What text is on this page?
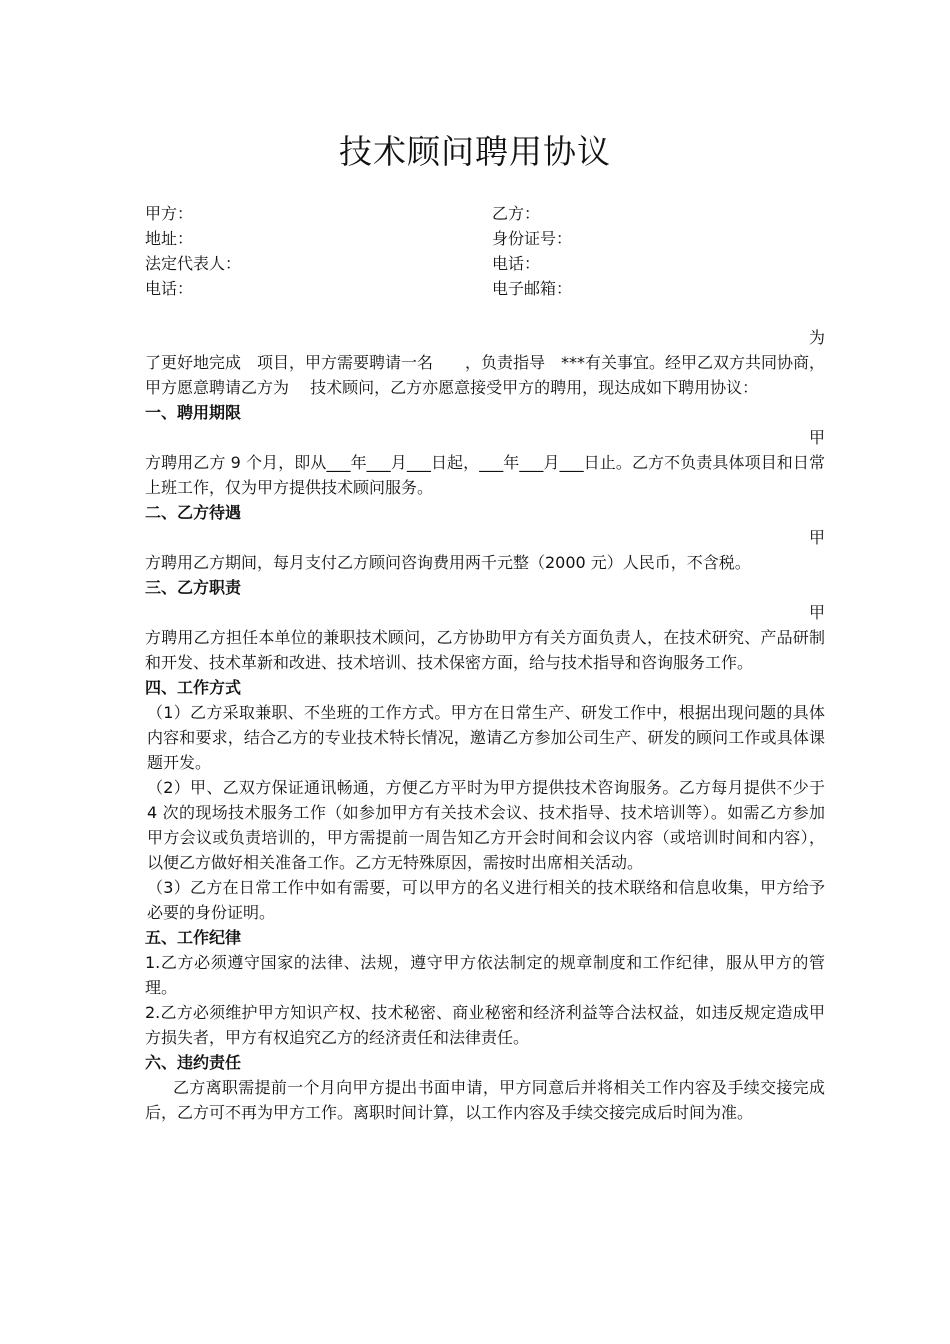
技术顾问聘用协议
甲方：	乙方：
地址：	身份证号：
法定代表人：	电话：
电话：	电子邮箱：
为

了更好地完成　项目，甲方需要聘请一名　　，负责指导　***有关事宜。经甲乙双方共同协商，甲方愿意聘请乙方为　 技术顾问，乙方亦愿意接受甲方的聘用，现达成如下聘用协议：

一、聘用期限

甲

方聘用乙方 9 个月，即从___年___月___日起，___年___月___日止。乙方不负责具体项目和日常上班工作，仅为甲方提供技术顾问服务。

二、乙方待遇

甲

方聘用乙方期间，每月支付乙方顾问咨询费用两千元整（2000 元）人民币，不含税。

三、乙方职责

甲

方聘用乙方担任本单位的兼职技术顾问，乙方协助甲方有关方面负责人，在技术研究、产品研制和开发、技术革新和改进、技术培训、技术保密方面，给与技术指导和咨询服务工作。

四、工作方式

（1）乙方采取兼职、不坐班的工作方式。甲方在日常生产、研发工作中，根据出现问题的具体内容和要求，结合乙方的专业技术特长情况，邀请乙方参加公司生产、研发的顾问工作或具体课题开发。

（2）甲、乙双方保证通讯畅通，方便乙方平时为甲方提供技术咨询服务。乙方每月提供不少于 4 次的现场技术服务工作（如参加甲方有关技术会议、技术指导、技术培训等）。如需乙方参加甲方会议或负责培训的，甲方需提前一周告知乙方开会时间和会议内容（或培训时间和内容），以便乙方做好相关准备工作。乙方无特殊原因，需按时出席相关活动。

（3）乙方在日常工作中如有需要，可以甲方的名义进行相关的技术联络和信息收集，甲方给予必要的身份证明。

五、工作纪律

1.乙方必须遵守国家的法律、法规，遵守甲方依法制定的规章制度和工作纪律，服从甲方的管理。

2.乙方必须维护甲方知识产权、技术秘密、商业秘密和经济利益等合法权益，如违反规定造成甲方损失者，甲方有权追究乙方的经济责任和法律责任。

六、违约责任

乙方离职需提前一个月向甲方提出书面申请，甲方同意后并将相关工作内容及手续交接完成后，乙方可不再为甲方工作。离职时间计算，以工作内容及手续交接完成后时间为准。
